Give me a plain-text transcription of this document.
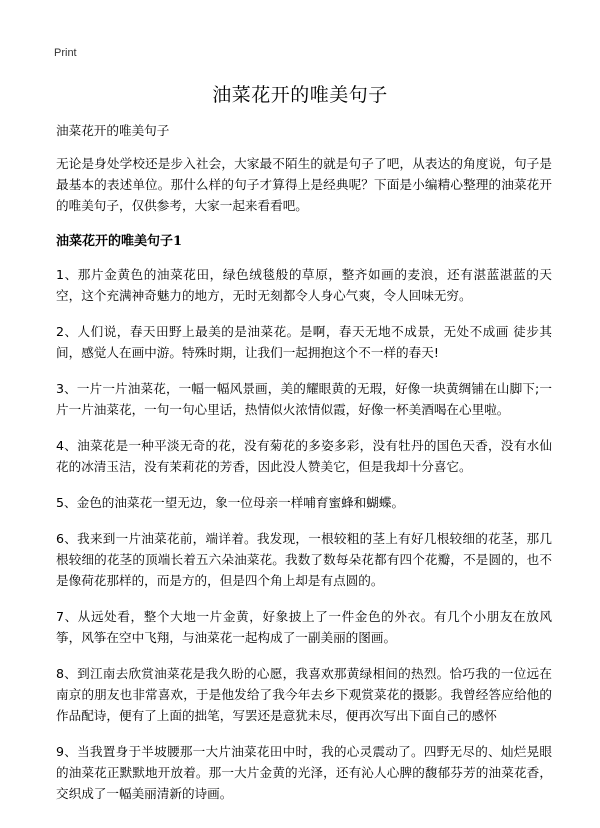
Print
油菜花开的唯美句子

油菜花开的唯美句子

无论是身处学校还是步入社会，大家最不陌生的就是句子了吧，从表达的角度说，句子是最基本的表述单位。那什么样的句子才算得上是经典呢？下面是小编精心整理的油菜花开的唯美句子，仅供参考，大家一起来看看吧。

油菜花开的唯美句子1

1、那片金黄色的油菜花田，绿色绒毯般的草原，整齐如画的麦浪，还有湛蓝湛蓝的天空，这个充满神奇魅力的地方，无时无刻都令人身心气爽，令人回味无穷。

2、人们说，春天田野上最美的是油菜花。是啊，春天无地不成景，无处不成画 徒步其间，感觉人在画中游。特殊时期，让我们一起拥抱这个不一样的春天!

3、一片一片油菜花，一幅一幅风景画，美的耀眼黄的无瑕，好像一块黄绸铺在山脚下;一片一片油菜花，一句一句心里话，热情似火浓情似霞，好像一杯美酒喝在心里啦。

4、油菜花是一种平淡无奇的花，没有菊花的多姿多彩，没有牡丹的国色天香，没有水仙花的冰清玉洁，没有茉莉花的芳香，因此没人赞美它，但是我却十分喜它。

5、金色的油菜花一望无边，象一位母亲一样哺育蜜蜂和蝴蝶。

6、我来到一片油菜花前，端详着。我发现，一根较粗的茎上有好几根较细的花茎，那几根较细的花茎的顶端长着五六朵油菜花。我数了数每朵花都有四个花瓣，不是圆的，也不是像荷花那样的，而是方的，但是四个角上却是有点圆的。

7、从远处看，整个大地一片金黄，好象披上了一件金色的外衣。有几个小朋友在放风筝，风筝在空中飞翔，与油菜花一起构成了一副美丽的图画。

8、到江南去欣赏油菜花是我久盼的心愿，我喜欢那黄绿相间的热烈。恰巧我的一位远在南京的朋友也非常喜欢，于是他发给了我今年去乡下观赏菜花的摄影。我曾经答应给他的作品配诗，便有了上面的拙笔，写罢还是意犹未尽，便再次写出下面自己的感怀

9、当我置身于半坡腰那一大片油菜花田中时，我的心灵震动了。四野无尽的、灿烂晃眼的油菜花正默默地开放着。那一大片金黄的光泽，还有沁人心脾的馥郁芬芳的油菜花香，交织成了一幅美丽清新的诗画。
